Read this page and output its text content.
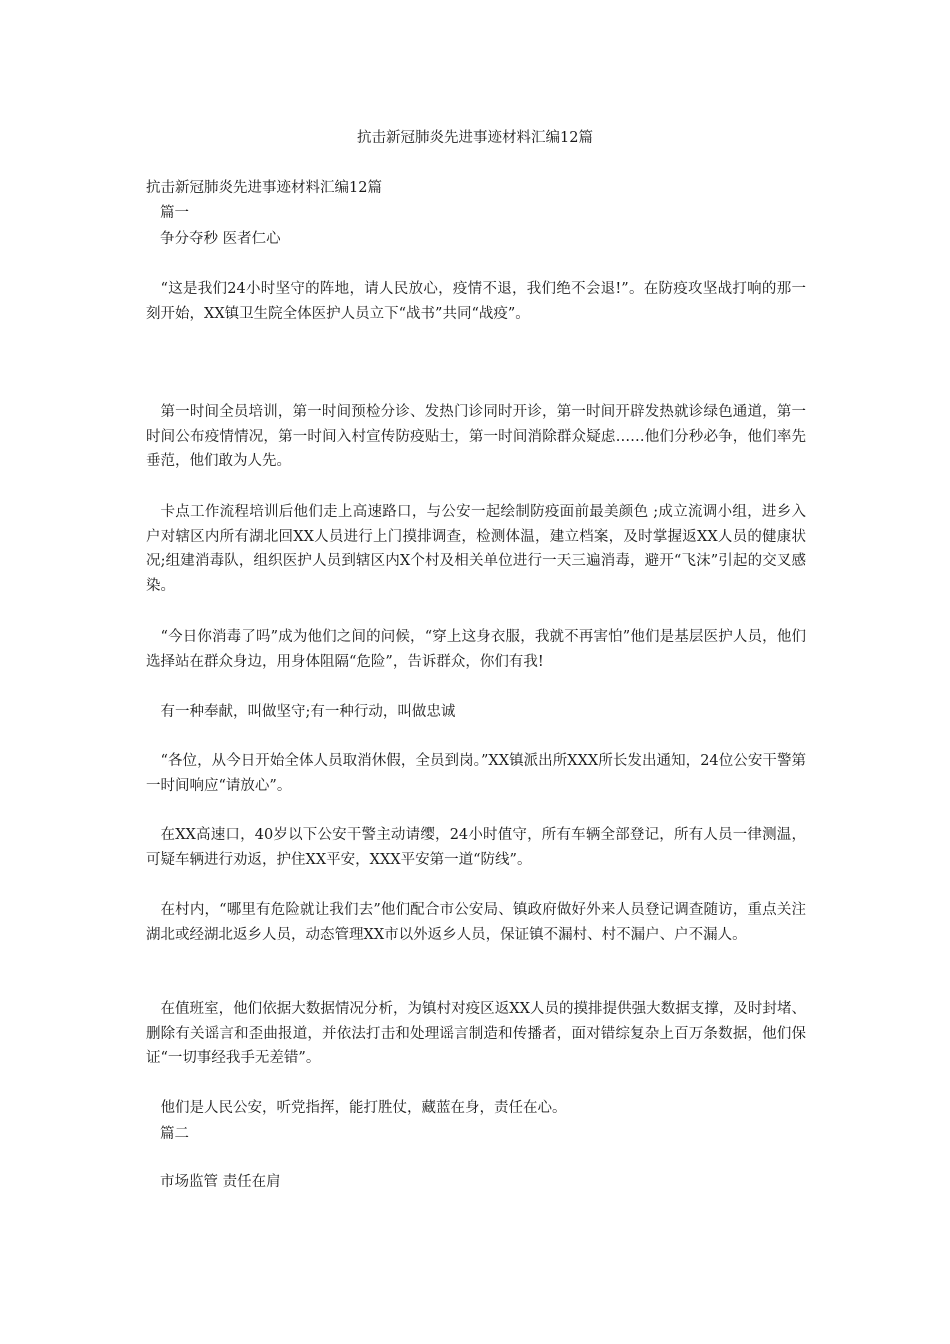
抗击新冠肺炎先进事迹材料汇编12篇

抗击新冠肺炎先进事迹材料汇编12篇

篇一

争分夺秒 医者仁心

“这是我们24小时坚守的阵地，请人民放心，疫情不退，我们绝不会退!”。在防疫攻坚战打响的那一刻开始，XX镇卫生院全体医护人员立下“战书”共同“战疫”。

第一时间全员培训，第一时间预检分诊、发热门诊同时开诊，第一时间开辟发热就诊绿色通道，第一时间公布疫情情况，第一时间入村宣传防疫贴士，第一时间消除群众疑虑……他们分秒必争，他们率先垂范，他们敢为人先。

卡点工作流程培训后他们走上高速路口，与公安一起绘制防疫面前最美颜色 ;成立流调小组，进乡入户对辖区内所有湖北回XX人员进行上门摸排调查，检测体温，建立档案，及时掌握返XX人员的健康状况;组建消毒队，组织医护人员到辖区内X个村及相关单位进行一天三遍消毒，避开“飞沫”引起的交叉感染。

“今日你消毒了吗”成为他们之间的问候，“穿上这身衣服，我就不再害怕”他们是基层医护人员，他们选择站在群众身边，用身体阻隔“危险”，告诉群众，你们有我!

有一种奉献，叫做坚守;有一种行动，叫做忠诚

“各位，从今日开始全体人员取消休假，全员到岗。”XX镇派出所XXX所长发出通知，24位公安干警第一时间响应“请放心”。

在XX高速口，40岁以下公安干警主动请缨，24小时值守，所有车辆全部登记，所有人员一律测温，可疑车辆进行劝返，护住XX平安，XXX平安第一道“防线”。

在村内，“哪里有危险就让我们去”他们配合市公安局、镇政府做好外来人员登记调查随访，重点关注湖北或经湖北返乡人员，动态管理XX市以外返乡人员，保证镇不漏村、村不漏户、户不漏人。

在值班室，他们依据大数据情况分析，为镇村对疫区返XX人员的摸排提供强大数据支撑，及时封堵、删除有关谣言和歪曲报道，并依法打击和处理谣言制造和传播者，面对错综复杂上百万条数据，他们保证“一切事经我手无差错”。

他们是人民公安，听党指挥，能打胜仗，藏蓝在身，责任在心。

篇二

市场监管 责任在肩
